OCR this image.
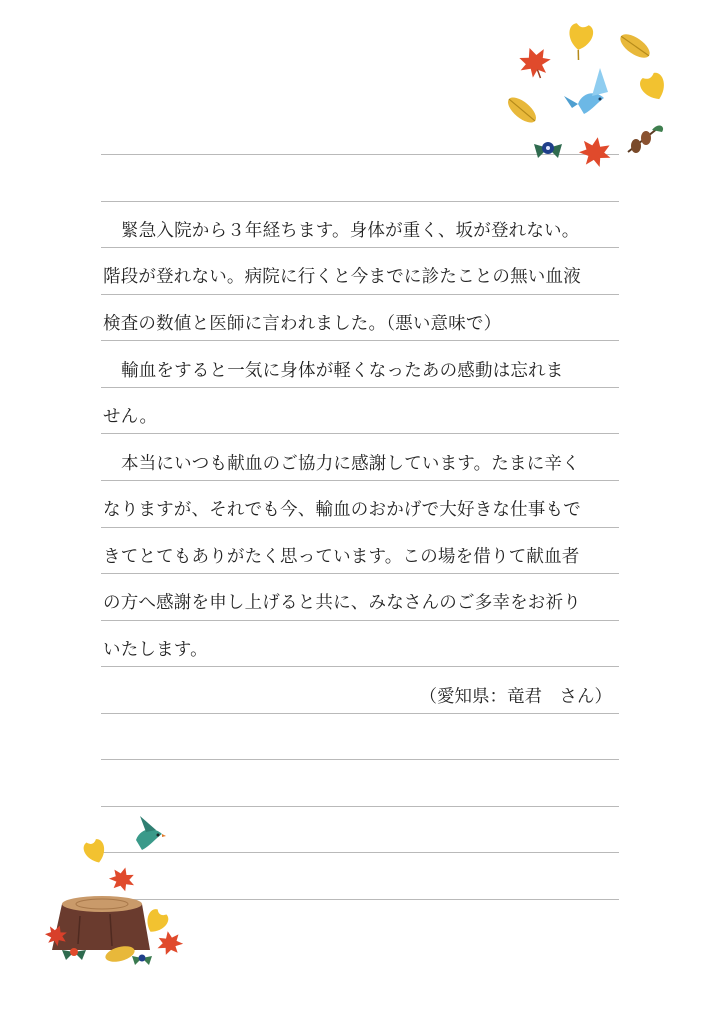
緊急入院から３年経ちます。身体が重く、坂が登れない。
階段が登れない。病院に行くと今までに診たことの無い血液
検査の数値と医師に言われました。（悪い意味で）
輸血をすると一気に身体が軽くなったあの感動は忘れま
せん。
本当にいつも献血のご協力に感謝しています。たまに辛く
なりますが、それでも今、輸血のおかげで大好きな仕事もで
きてとてもありがたく思っています。この場を借りて献血者
の方へ感謝を申し上げると共に、みなさんのご多幸をお祈り
いたします。
（愛知県：竜君　さん）
